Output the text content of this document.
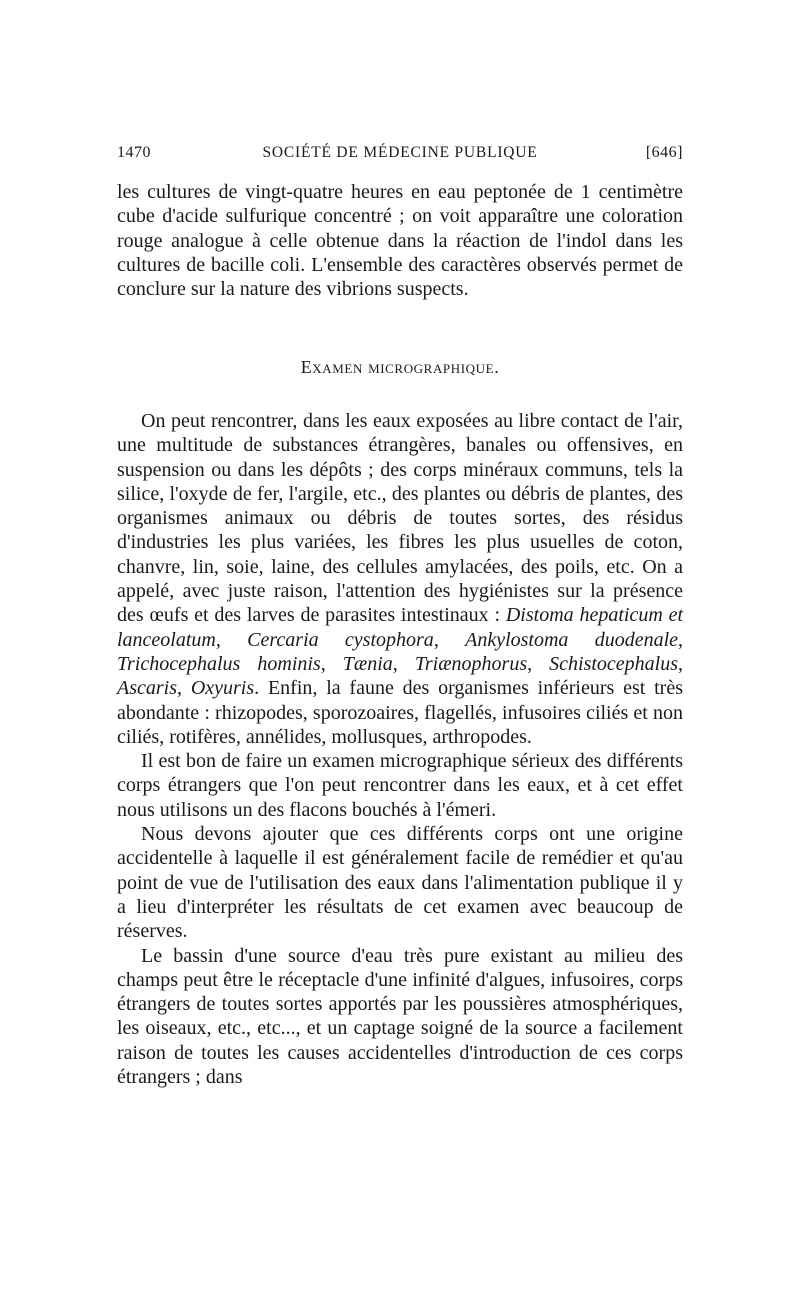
1470	SOCIÉTÉ DE MÉDECINE PUBLIQUE	[646]

les cultures de vingt-quatre heures en eau peptonée de 1 centimètre cube d'acide sulfurique concentré ; on voit apparaître une coloration rouge analogue à celle obtenue dans la réaction de l'indol dans les cultures de bacille coli. L'ensemble des caractères observés permet de conclure sur la nature des vibrions suspects.

Examen micrographique.

On peut rencontrer, dans les eaux exposées au libre contact de l'air, une multitude de substances étrangères, banales ou offensives, en suspension ou dans les dépôts ; des corps minéraux communs, tels la silice, l'oxyde de fer, l'argile, etc., des plantes ou débris de plantes, des organismes animaux ou débris de toutes sortes, des résidus d'industries les plus variées, les fibres les plus usuelles de coton, chanvre, lin, soie, laine, des cellules amylacées, des poils, etc. On a appelé, avec juste raison, l'attention des hygiénistes sur la présence des œufs et des larves de parasites intestinaux : Distoma hepaticum et lanceolatum, Cercaria cystophora, Ankylostoma duodenale, Trichocephalus hominis, Tænia, Triænophorus, Schistocephalus, Ascaris, Oxyuris. Enfin, la faune des organismes inférieurs est très abondante : rhizopodes, sporozoaires, flagellés, infusoires ciliés et non ciliés, rotifères, annélides, mollusques, arthropodes.

Il est bon de faire un examen micrographique sérieux des différents corps étrangers que l'on peut rencontrer dans les eaux, et à cet effet nous utilisons un des flacons bouchés à l'émeri.

Nous devons ajouter que ces différents corps ont une origine accidentelle à laquelle il est généralement facile de remédier et qu'au point de vue de l'utilisation des eaux dans l'alimentation publique il y a lieu d'interpréter les résultats de cet examen avec beaucoup de réserves.

Le bassin d'une source d'eau très pure existant au milieu des champs peut être le réceptacle d'une infinité d'algues, infusoires, corps étrangers de toutes sortes apportés par les poussières atmosphériques, les oiseaux, etc., etc..., et un captage soigné de la source a facilement raison de toutes les causes accidentelles d'introduction de ces corps étrangers ; dans
